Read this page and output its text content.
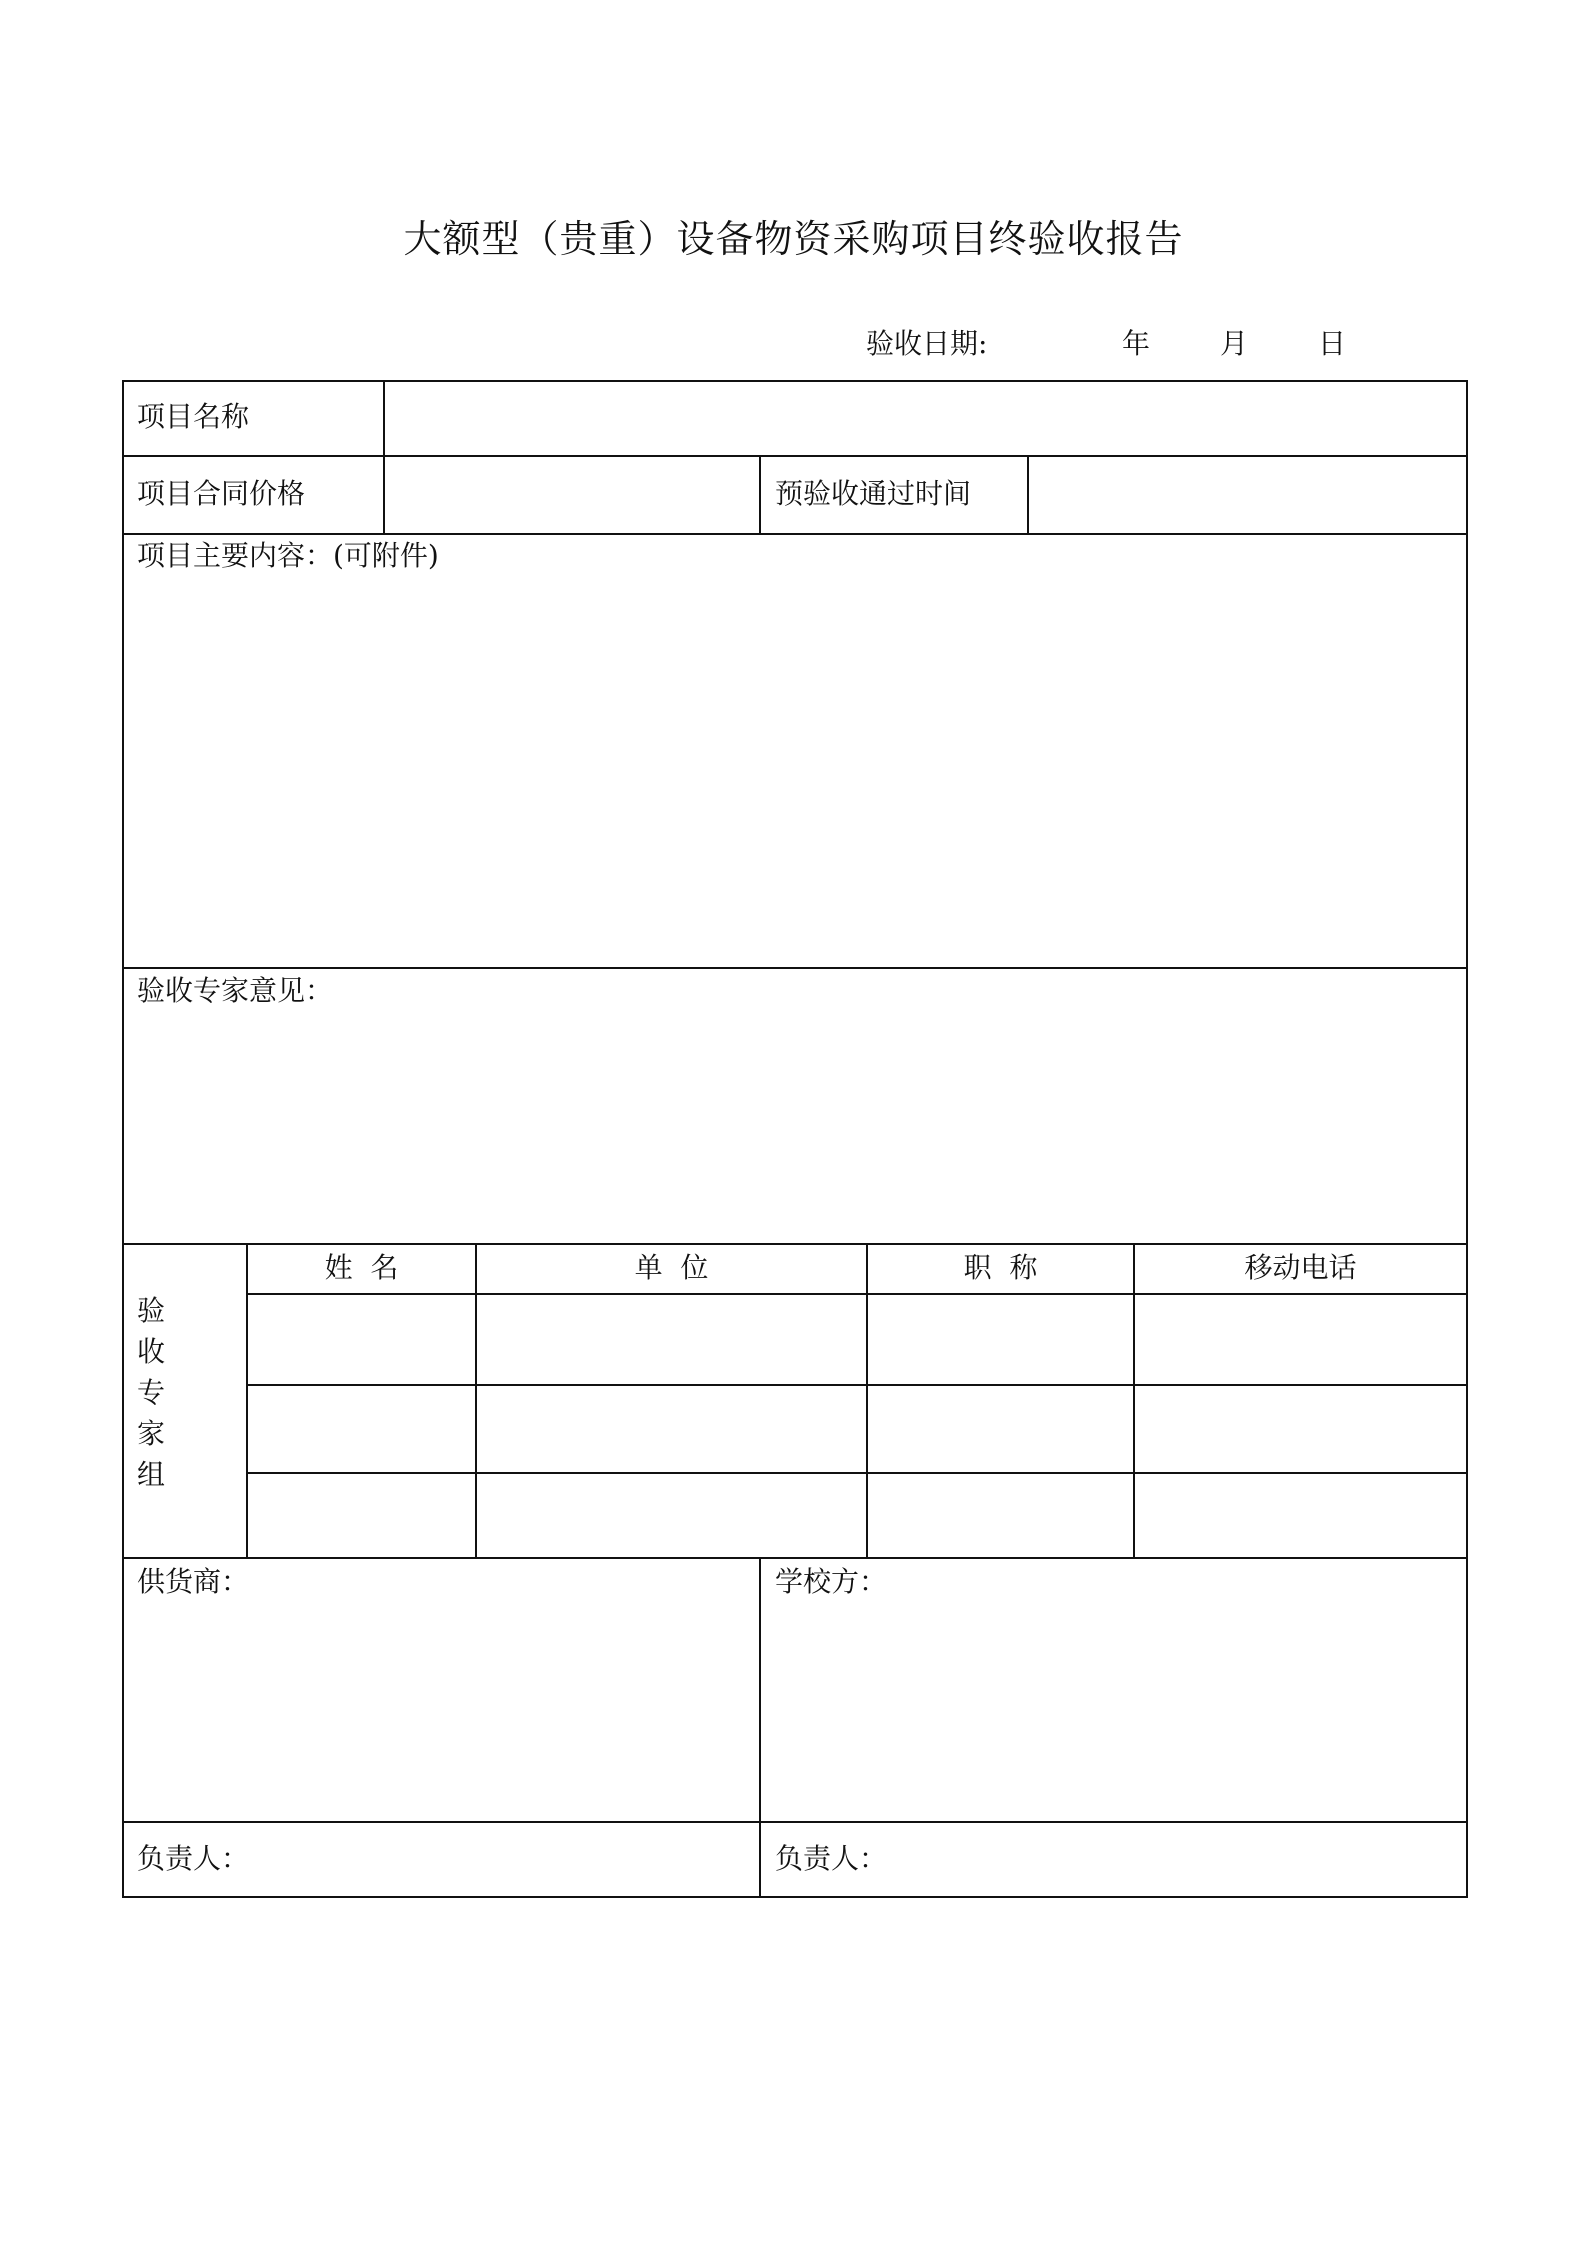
大额型（贵重）设备物资采购项目终验收报告
验收日期:	年 月 日
项目名称
项目合同价格	预验收通过时间
项目主要内容：(可附件)
验收专家意见：
验
收
专
家
组
姓  名	单  位	职  称	移动电话
供货商：	学校方：
负责人：	负责人：
